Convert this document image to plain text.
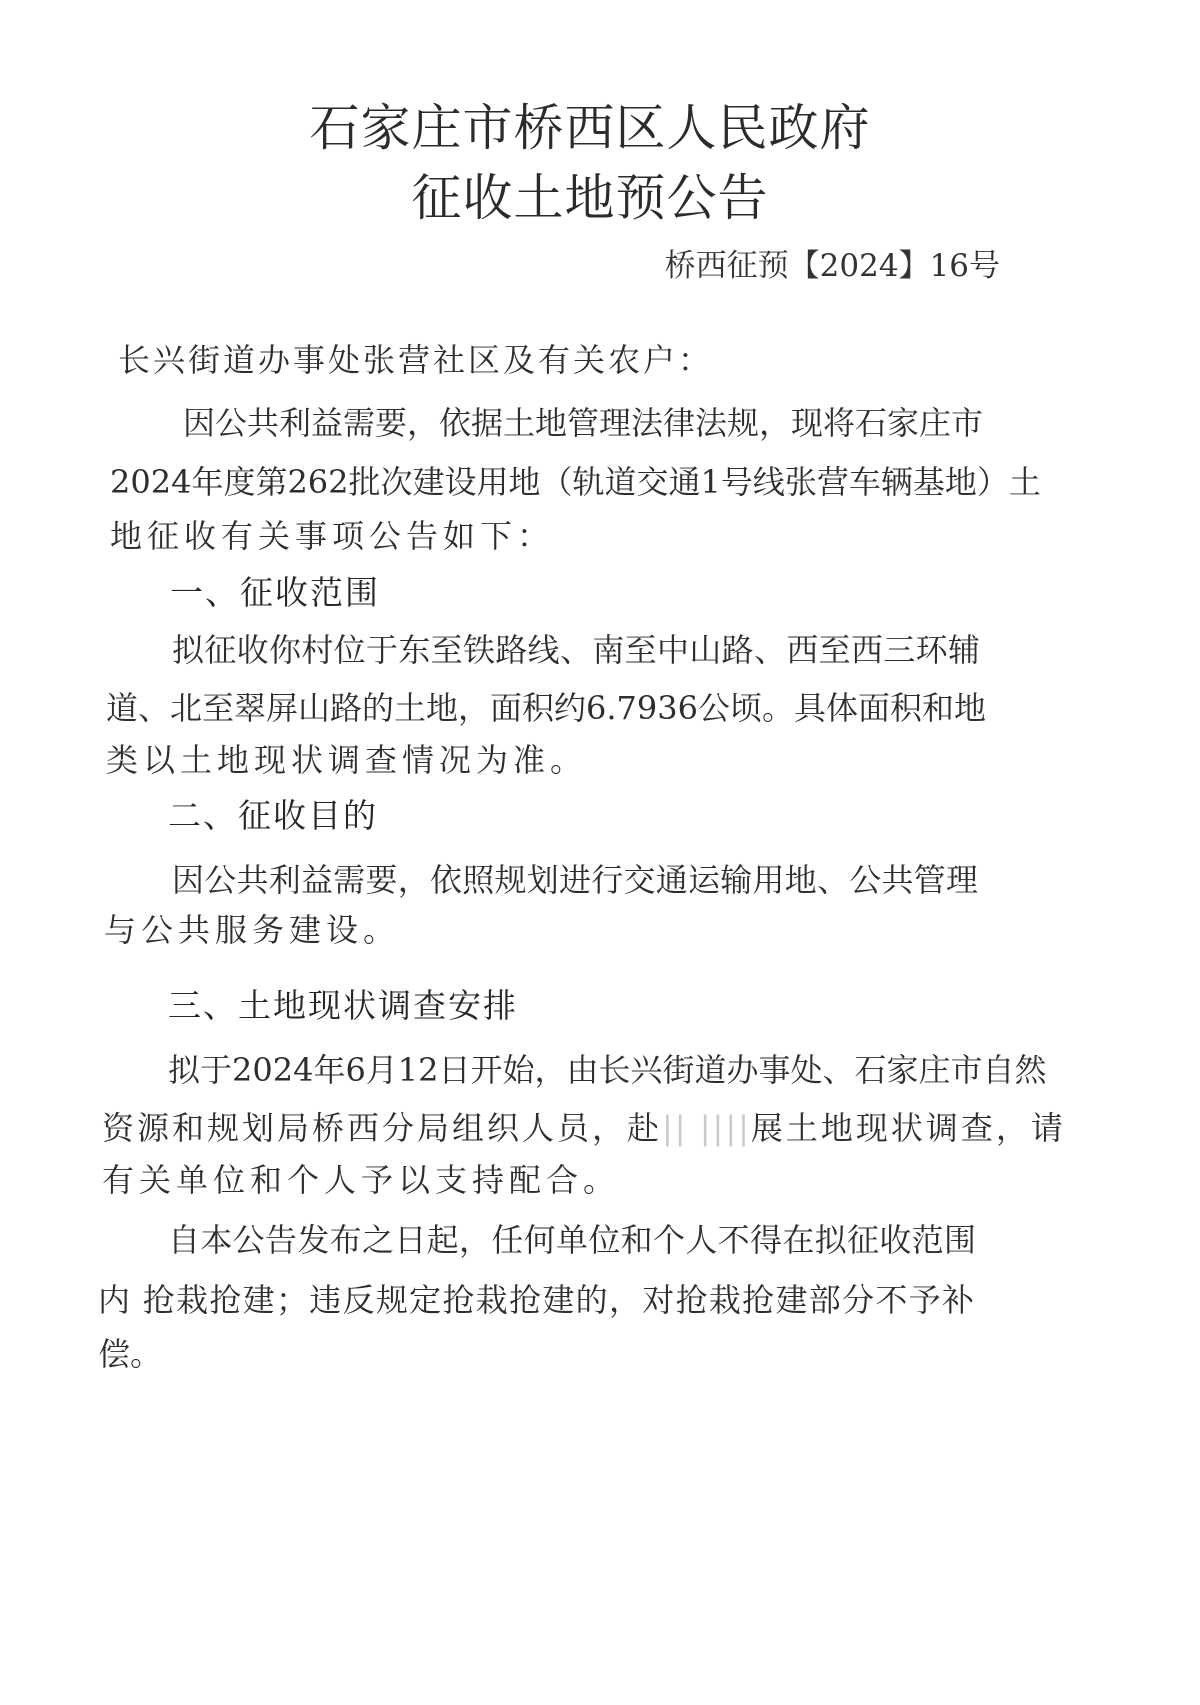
石家庄市桥西区人民政府
征收土地预公告
桥西征预【2024】16号
长兴街道办事处张营社区及有关农户：
因公共利益需要，依据土地管理法律法规，现将石家庄市
2024年度第262批次建设用地（轨道交通1号线张营车辆基地）土
地征收有关事项公告如下：
一、征收范围
拟征收你村位于东至铁路线、南至中山路、西至西三环辅
道、北至翠屏山路的土地，面积约6.7936公顷。具体面积和地
类以土地现状调查情况为准。
二、征收目的
因公共利益需要，依照规划进行交通运输用地、公共管理
与公共服务建设。
三、土地现状调查安排
拟于2024年6月12日开始，由长兴街道办事处、石家庄市自然
资源和规划局桥西分局组织人员，赴|| ||||展土地现状调查，请
有关单位和个人予以支持配合。
自本公告发布之日起，任何单位和个人不得在拟征收范围
内 抢栽抢建；违反规定抢栽抢建的，对抢栽抢建部分不予补
偿。
